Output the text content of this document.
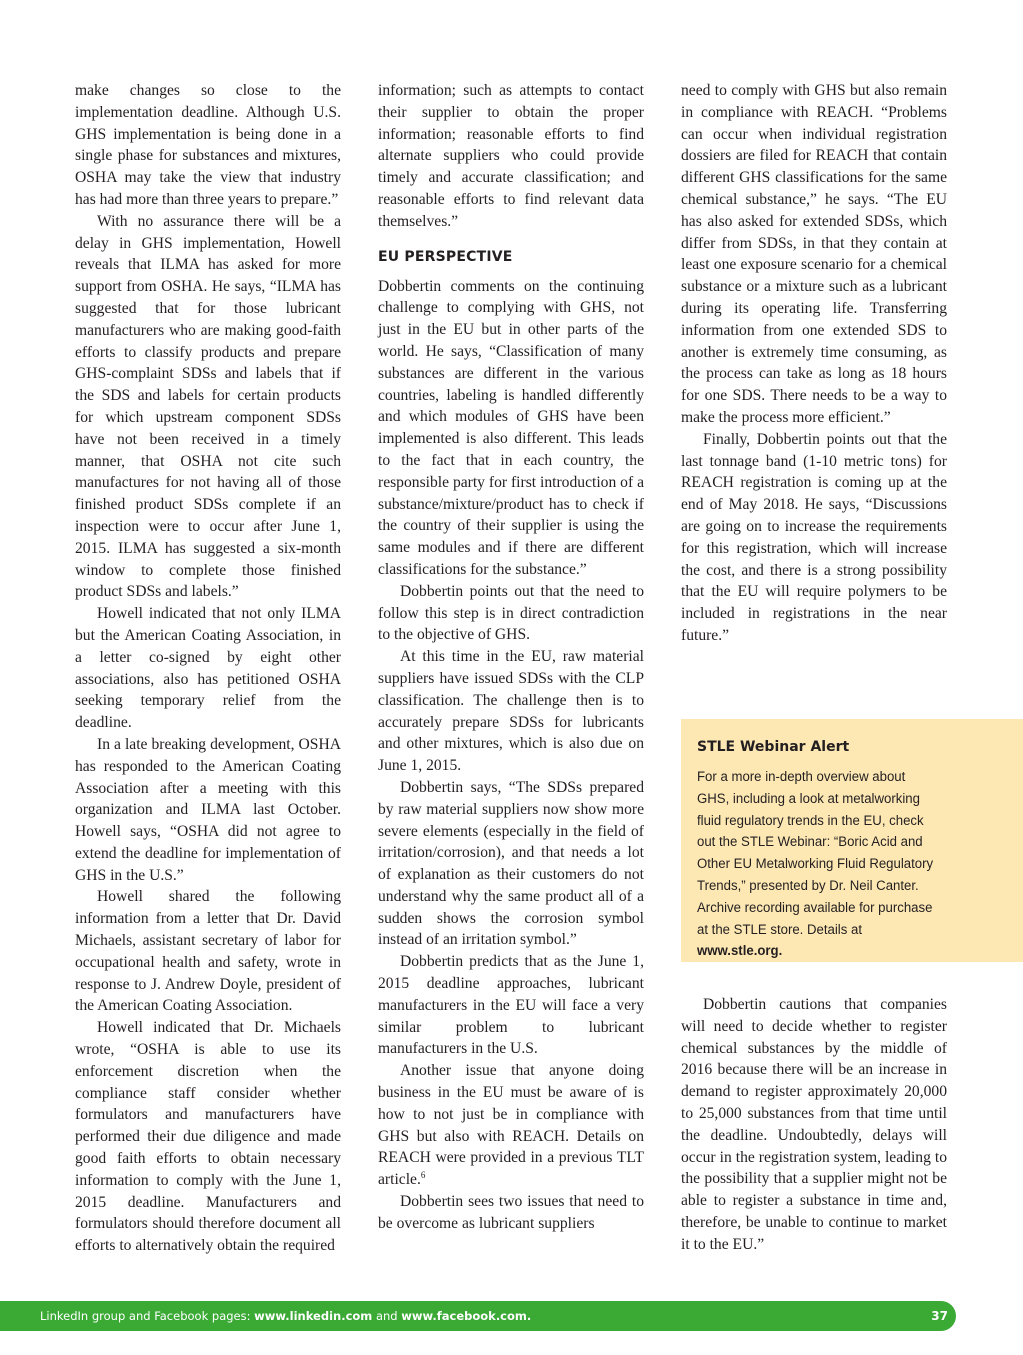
make changes so close to the implementation deadline. Although U.S. GHS implementation is being done in a single phase for substances and mixtures, OSHA may take the view that industry has had more than three years to prepare.”

With no assurance there will be a delay in GHS implementation, Howell reveals that ILMA has asked for more support from OSHA. He says, “ILMA has suggested that for those lubricant manufacturers who are making good-faith efforts to classify products and prepare GHS-complaint SDSs and labels that if the SDS and labels for certain products for which upstream component SDSs have not been received in a timely manner, that OSHA not cite such manufactures for not having all of those finished product SDSs complete if an inspection were to occur after June 1, 2015. ILMA has suggested a six-month window to complete those finished product SDSs and labels.”

Howell indicated that not only ILMA but the American Coating Association, in a letter co-signed by eight other associations, also has petitioned OSHA seeking temporary relief from the deadline.

In a late breaking development, OSHA has responded to the American Coating Association after a meeting with this organization and ILMA last October. Howell says, “OSHA did not agree to extend the deadline for implementation of GHS in the U.S.”

Howell shared the following information from a letter that Dr. David Michaels, assistant secretary of labor for occupational health and safety, wrote in response to J. Andrew Doyle, president of the American Coating Association.

Howell indicated that Dr. Michaels wrote, “OSHA is able to use its enforcement discretion when the compliance staff consider whether formulators and manufacturers have performed their due diligence and made good faith efforts to obtain necessary information to comply with the June 1, 2015 deadline. Manufacturers and formulators should therefore document all efforts to alternatively obtain the required

information; such as attempts to contact their supplier to obtain the proper information; reasonable efforts to find alternate suppliers who could provide timely and accurate classification; and reasonable efforts to find relevant data themselves.”

EU PERSPECTIVE

Dobbertin comments on the continuing challenge to complying with GHS, not just in the EU but in other parts of the world. He says, “Classification of many substances are different in the various countries, labeling is handled differently and which modules of GHS have been implemented is also different. This leads to the fact that in each country, the responsible party for first introduction of a substance/mixture/product has to check if the country of their supplier is using the same modules and if there are different classifications for the substance.”

Dobbertin points out that the need to follow this step is in direct contradiction to the objective of GHS.

At this time in the EU, raw material suppliers have issued SDSs with the CLP classification. The challenge then is to accurately prepare SDSs for lubricants and other mixtures, which is also due on June 1, 2015.

Dobbertin says, “The SDSs prepared by raw material suppliers now show more severe elements (especially in the field of irritation/corrosion), and that needs a lot of explanation as their customers do not understand why the same product all of a sudden shows the corrosion symbol instead of an irritation symbol.”

Dobbertin predicts that as the June 1, 2015 deadline approaches, lubricant manufacturers in the EU will face a very similar problem to lubricant manufacturers in the U.S.

Another issue that anyone doing business in the EU must be aware of is how to not just be in compliance with GHS but also with REACH. Details on REACH were provided in a previous TLT article.$^6$

Dobbertin sees two issues that need to be overcome as lubricant suppliers

need to comply with GHS but also remain in compliance with REACH. “Problems can occur when individual registration dossiers are filed for REACH that contain different GHS classifications for the same chemical substance,” he says. “The EU has also asked for extended SDSs, which differ from SDSs, in that they contain at least one exposure scenario for a chemical substance or a mixture such as a lubricant during its operating life. Transferring information from one extended SDS to another is extremely time consuming, as the process can take as long as 18 hours for one SDS. There needs to be a way to make the process more efficient.”

Finally, Dobbertin points out that the last tonnage band (1-10 metric tons) for REACH registration is coming up at the end of May 2018. He says, “Discussions are going on to increase the requirements for this registration, which will increase the cost, and there is a strong possibility that the EU will require polymers to be included in registrations in the near future.”

STLE Webinar Alert

For a more in-depth overview about GHS, including a look at metalworking fluid regulatory trends in the EU, check out the STLE Webinar: “Boric Acid and Other EU Metalworking Fluid Regulatory Trends,” presented by Dr. Neil Canter. Archive recording available for purchase at the STLE store. Details at www.stle.org.

Dobbertin cautions that companies will need to decide whether to register chemical substances by the middle of 2016 because there will be an increase in demand to register approximately 20,000 to 25,000 substances from that time until the deadline. Undoubtedly, delays will occur in the registration system, leading to the possibility that a supplier might not be able to register a substance in time and, therefore, be unable to continue to market it to the EU.”

LinkedIn group and Facebook pages: www.linkedin.com and www.facebook.com.	37
